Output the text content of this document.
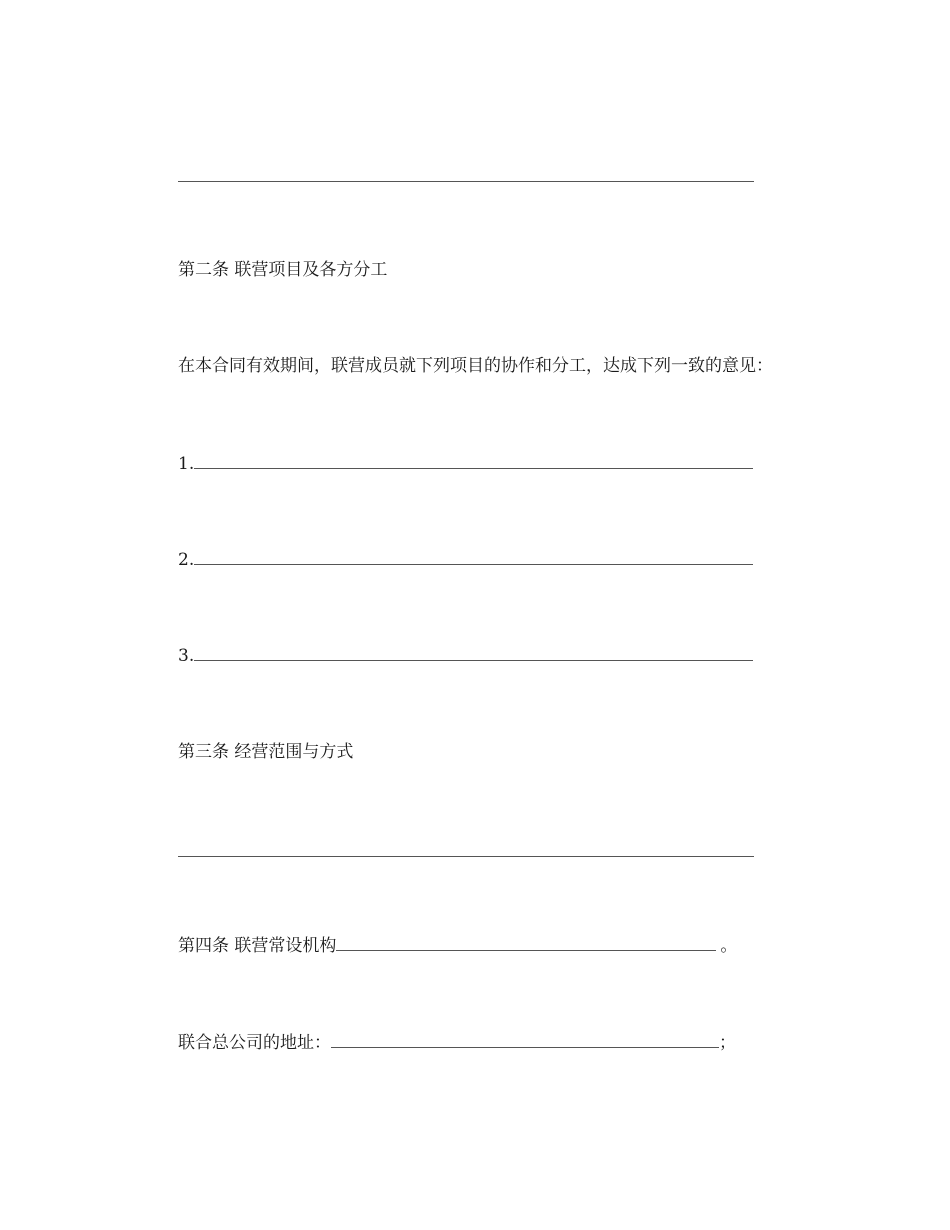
第二条 联营项目及各方分工
在本合同有效期间，联营成员就下列项目的协作和分工，达成下列一致的意见：
1.
2.
3.
第三条 经营范围与方式
第四条 联营常设机构	。
联合总公司的地址：	；
